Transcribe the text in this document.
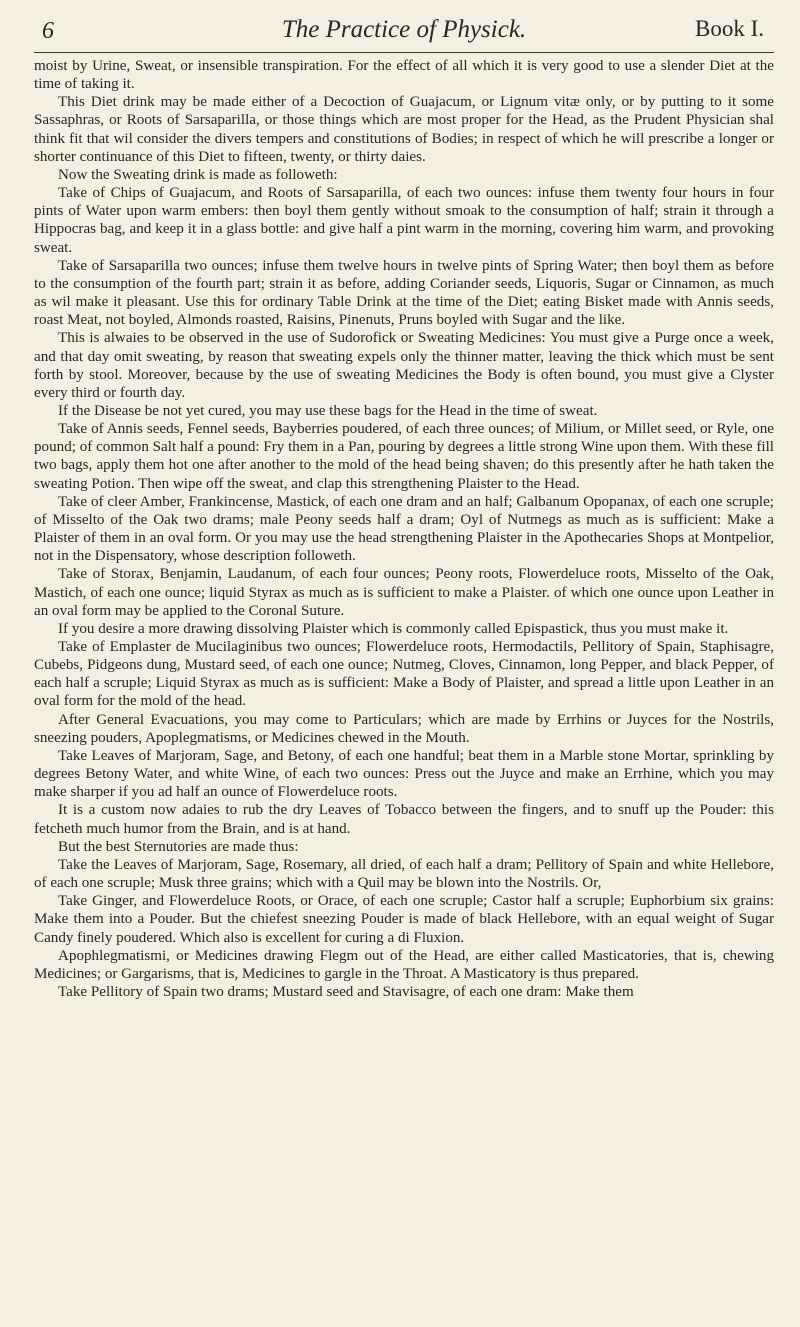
6	The Practice of Physick.	Book I.

moist by Urine, Sweat, or insensible transpiration. For the effect of all which it is very good to use a slender Diet at the time of taking it.

This Diet drink may be made either of a Decoction of Guajacum, or Lignum vitæ only, or by putting to it some Sassaphras, or Roots of Sarsaparilla, or those things which are most proper for the Head, as the Prudent Physician shal think fit that wil consider the divers tempers and constitutions of Bodies; in respect of which he will prescribe a longer or shorter continuance of this Diet to fifteen, twenty, or thirty daies.

Now the Sweating drink is made as followeth:

Take of Chips of Guajacum, and Roots of Sarsaparilla, of each two ounces: infuse them twenty four hours in four pints of Water upon warm embers: then boyl them gently without smoak to the consumption of half; strain it through a Hippocras bag, and keep it in a glass bottle: and give half a pint warm in the morning, covering him warm, and provoking sweat.

Take of Sarsaparilla two ounces; infuse them twelve hours in twelve pints of Spring Water; then boyl them as before to the consumption of the fourth part; strain it as before, adding Coriander seeds, Liquoris, Sugar or Cinnamon, as much as wil make it pleasant. Use this for ordinary Table Drink at the time of the Diet; eating Bisket made with Annis seeds, roast Meat, not boyled, Almonds roasted, Raisins, Pinenuts, Pruns boyled with Sugar and the like.

This is alwaies to be observed in the use of Sudorofick or Sweating Medicines: You must give a Purge once a week, and that day omit sweating, by reason that sweating expels only the thinner matter, leaving the thick which must be sent forth by stool. Moreover, because by the use of sweating Medicines the Body is often bound, you must give a Clyster every third or fourth day.

If the Disease be not yet cured, you may use these bags for the Head in the time of sweat.

Take of Annis seeds, Fennel seeds, Bayberries poudered, of each three ounces; of Milium, or Millet seed, or Ryle, one pound; of common Salt half a pound: Fry them in a Pan, pouring by degrees a little strong Wine upon them. With these fill two bags, apply them hot one after another to the mold of the head being shaven; do this presently after he hath taken the sweating Potion. Then wipe off the sweat, and clap this strengthening Plaister to the Head.

Take of cleer Amber, Frankincense, Mastick, of each one dram and an half; Galbanum Opopanax, of each one scruple; of Misselto of the Oak two drams; male Peony seeds half a dram; Oyl of Nutmegs as much as is sufficient: Make a Plaister of them in an oval form. Or you may use the head strengthening Plaister in the Apothecaries Shops at Montpelior, not in the Dispensatory, whose description followeth.

Take of Storax, Benjamin, Laudanum, of each four ounces; Peony roots, Flowerdeluce roots, Misselto of the Oak, Mastich, of each one ounce; liquid Styrax as much as is sufficient to make a Plaister. of which one ounce upon Leather in an oval form may be applied to the Coronal Suture.

If you desire a more drawing dissolving Plaister which is commonly called Epispastick, thus you must make it.

Take of Emplaster de Mucilaginibus two ounces; Flowerdeluce roots, Hermodactils, Pellitory of Spain, Staphisagre, Cubebs, Pidgeons dung, Mustard seed, of each one ounce; Nutmeg, Cloves, Cinnamon, long Pepper, and black Pepper, of each half a scruple; Liquid Styrax as much as is sufficient: Make a Body of Plaister, and spread a little upon Leather in an oval form for the mold of the head.

After General Evacuations, you may come to Particulars; which are made by Errhins or Juyces for the Nostrils, sneezing pouders, Apoplegmatisms, or Medicines chewed in the Mouth.

Take Leaves of Marjoram, Sage, and Betony, of each one handful; beat them in a Marble stone Mortar, sprinkling by degrees Betony Water, and white Wine, of each two ounces: Press out the Juyce and make an Errhine, which you may make sharper if you ad half an ounce of Flowerdeluce roots.

It is a custom now adaies to rub the dry Leaves of Tobacco between the fingers, and to snuff up the Pouder: this fetcheth much humor from the Brain, and is at hand.

But the best Sternutories are made thus:

Take the Leaves of Marjoram, Sage, Rosemary, all dried, of each half a dram; Pellitory of Spain and white Hellebore, of each one scruple; Musk three grains; which with a Quil may be blown into the Nostrils. Or,

Take Ginger, and Flowerdeluce Roots, or Orace, of each one scruple; Castor half a scruple; Euphorbium six grains: Make them into a Pouder. But the chiefest sneezing Pouder is made of black Hellebore, with an equal weight of Sugar Candy finely poudered. Which also is excellent for curing a di Fluxion.

Apophlegmatismi, or Medicines drawing Flegm out of the Head, are either called Masticatories, that is, chewing Medicines; or Gargarisms, that is, Medicines to gargle in the Throat. A Masticatory is thus prepared.

Take Pellitory of Spain two drams; Mustard seed and Stavisagre, of each one dram: Make them
